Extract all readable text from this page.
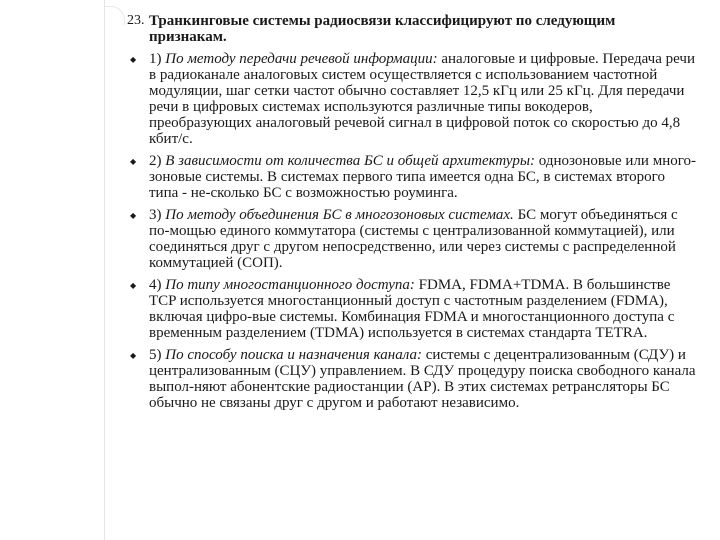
23. Транкинговые системы радиосвязи классифицируют по следующим признакам.
◆ 1) По методу передачи речевой информации: аналоговые и цифровые. Передача речи в радиоканале аналоговых систем осуществляется с использованием частотной модуляции, шаг сетки частот обычно составляет 12,5 кГц или 25 кГц. Для передачи речи в цифровых системах используются различные типы вокодеров, преобразующих аналоговый речевой сигнал в цифровой поток со скоростью до 4,8 кбит/с.
◆ 2) В зависимости от количества БС и общей архитектуры: однозоновые или много-зоновые системы. В системах первого типа имеется одна БС, в системах второго типа - не-сколько БС с возможностью роуминга.
◆ 3) По методу объединения БС в многозоновых системах. БС могут объединяться с по-мощью единого коммутатора (системы с централизованной коммутацией), или соединяться друг с другом непосредственно, или через системы с распределенной коммутацией (СОП).
◆ 4) По типу многостанционного доступа: FDMA, FDMA+TDMA. В большинстве TCP используется многостанционный доступ с частотным разделением (FDMA), включая цифро-вые системы. Комбинация FDMA и многостанционного доступа с временным разделением (TDMA) используется в системах стандарта TETRA.
◆ 5) По способу поиска и назначения канала: системы с децентрализованным (СДУ) и централизованным (СЦУ) управлением. В СДУ процедуру поиска свободного канала выпол-няют абонентские радиостанции (АР). В этих системах ретрансляторы БС обычно не связаны друг с другом и работают независимо.
